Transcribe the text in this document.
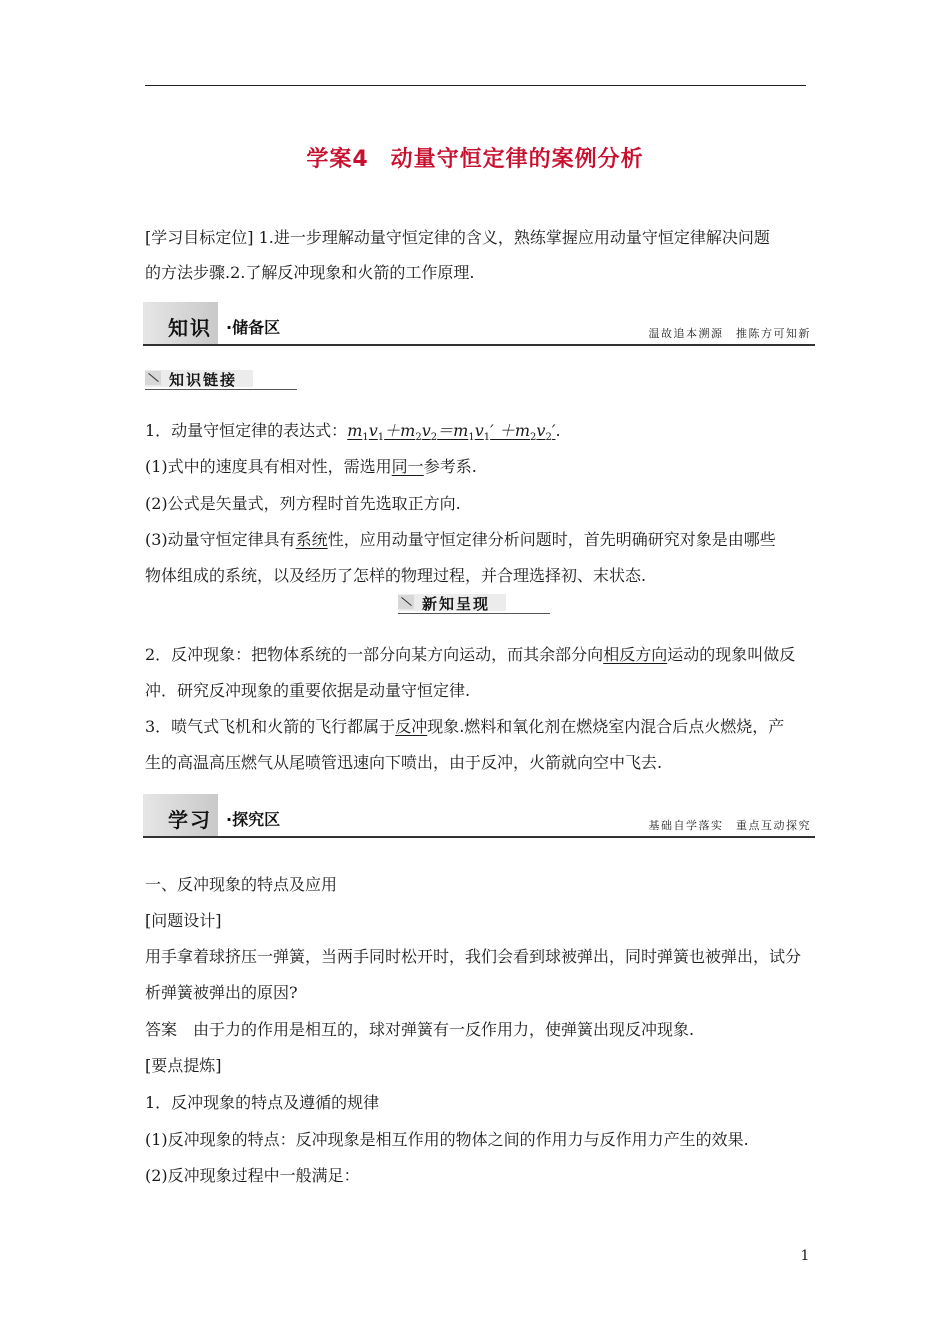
学案4 动量守恒定律的案例分析
[学习目标定位] 1.进一步理解动量守恒定律的含义，熟练掌握应用动量守恒定律解决问题
的方法步骤.2.了解反冲现象和火箭的工作原理.
知识 ·储备区	温故追本溯源　推陈方可知新
知识链接
1．动量守恒定律的表达式：$m_1v_1+m_2v_2=m_1v_1' +m_2v_2'$.
(1)式中的速度具有相对性，需选用同一参考系.
(2)公式是矢量式，列方程时首先选取正方向.
(3)动量守恒定律具有系统性，应用动量守恒定律分析问题时，首先明确研究对象是由哪些
物体组成的系统，以及经历了怎样的物理过程，并合理选择初、末状态.
新知呈现
2．反冲现象：把物体系统的一部分向某方向运动，而其余部分向相反方向运动的现象叫做反
冲．研究反冲现象的重要依据是动量守恒定律.
3．喷气式飞机和火箭的飞行都属于反冲现象.燃料和氧化剂在燃烧室内混合后点火燃烧，产
生的高温高压燃气从尾喷管迅速向下喷出，由于反冲，火箭就向空中飞去.
学习 ·探究区	基础自学落实　重点互动探究
一、反冲现象的特点及应用
[问题设计]
用手拿着球挤压一弹簧，当两手同时松开时，我们会看到球被弹出，同时弹簧也被弹出，试分
析弹簧被弹出的原因?
答案　由于力的作用是相互的，球对弹簧有一反作用力，使弹簧出现反冲现象.
[要点提炼]
1．反冲现象的特点及遵循的规律
(1)反冲现象的特点：反冲现象是相互作用的物体之间的作用力与反作用力产生的效果.
(2)反冲现象过程中一般满足：
1
